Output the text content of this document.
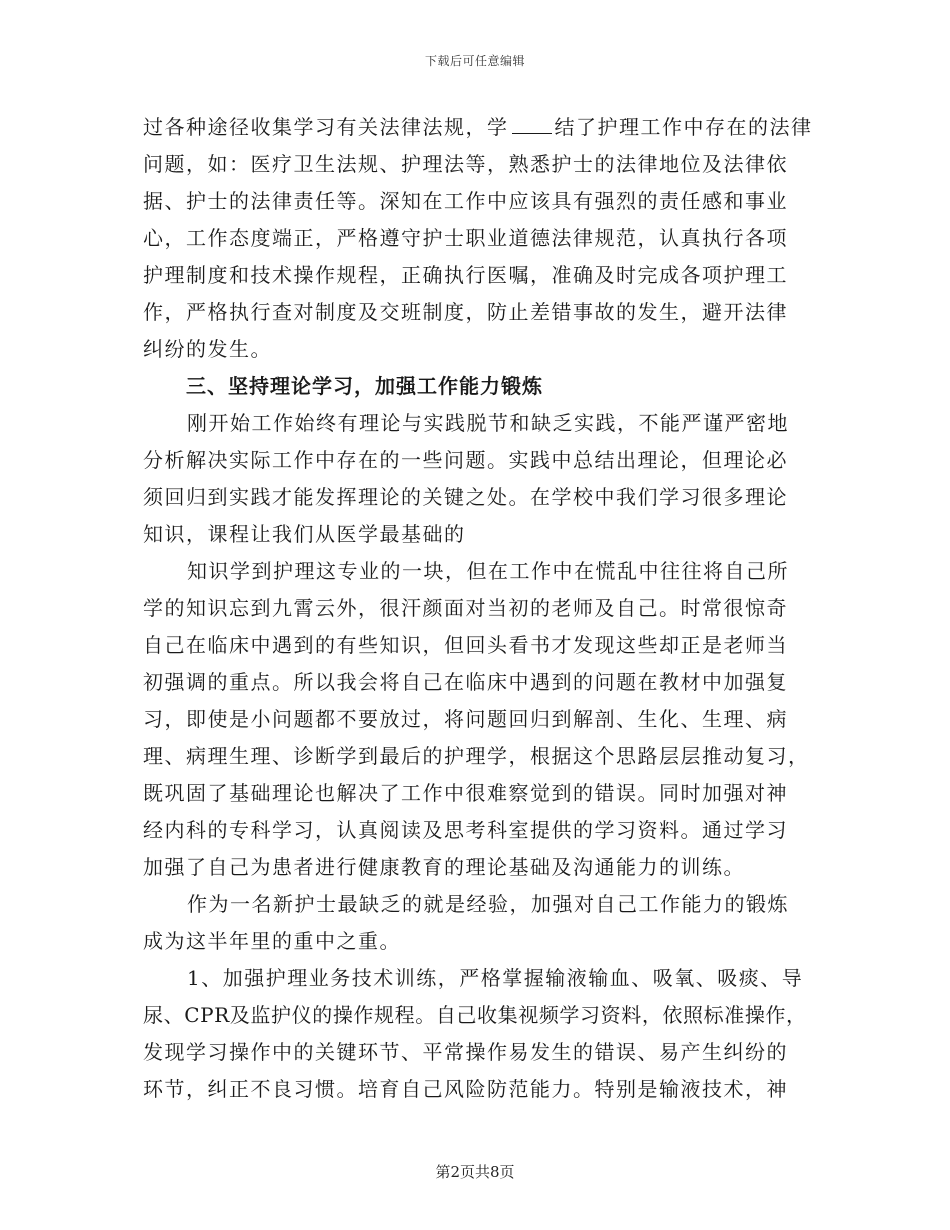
下载后可任意编辑
过各种途径收集学习有关法律法规，学 结了护理工作中存在的法律
问题，如：医疗卫生法规、护理法等，熟悉护士的法律地位及法律依
据、护士的法律责任等。深知在工作中应该具有强烈的责任感和事业
心，工作态度端正，严格遵守护士职业道德法律规范，认真执行各项
护理制度和技术操作规程，正确执行医嘱，准确及时完成各项护理工
作，严格执行查对制度及交班制度，防止差错事故的发生，避开法律
纠纷的发生。
三、坚持理论学习，加强工作能力锻炼
刚开始工作始终有理论与实践脱节和缺乏实践，不能严谨严密地
分析解决实际工作中存在的一些问题。实践中总结出理论，但理论必
须回归到实践才能发挥理论的关键之处。在学校中我们学习很多理论
知识，课程让我们从医学最基础的
知识学到护理这专业的一块，但在工作中在慌乱中往往将自己所
学的知识忘到九霄云外，很汗颜面对当初的老师及自己。时常很惊奇
自己在临床中遇到的有些知识，但回头看书才发现这些却正是老师当
初强调的重点。所以我会将自己在临床中遇到的问题在教材中加强复
习，即使是小问题都不要放过，将问题回归到解剖、生化、生理、病
理、病理生理、诊断学到最后的护理学，根据这个思路层层推动复习，
既巩固了基础理论也解决了工作中很难察觉到的错误。同时加强对神
经内科的专科学习，认真阅读及思考科室提供的学习资料。通过学习
加强了自己为患者进行健康教育的理论基础及沟通能力的训练。
作为一名新护士最缺乏的就是经验，加强对自己工作能力的锻炼
成为这半年里的重中之重。
1、加强护理业务技术训练，严格掌握输液输血、吸氧、吸痰、导
尿、CPR及监护仪的操作规程。自己收集视频学习资料，依照标准操作，
发现学习操作中的关键环节、平常操作易发生的错误、易产生纠纷的
环节，纠正不良习惯。培育自己风险防范能力。特别是输液技术，神
第2页共8页
